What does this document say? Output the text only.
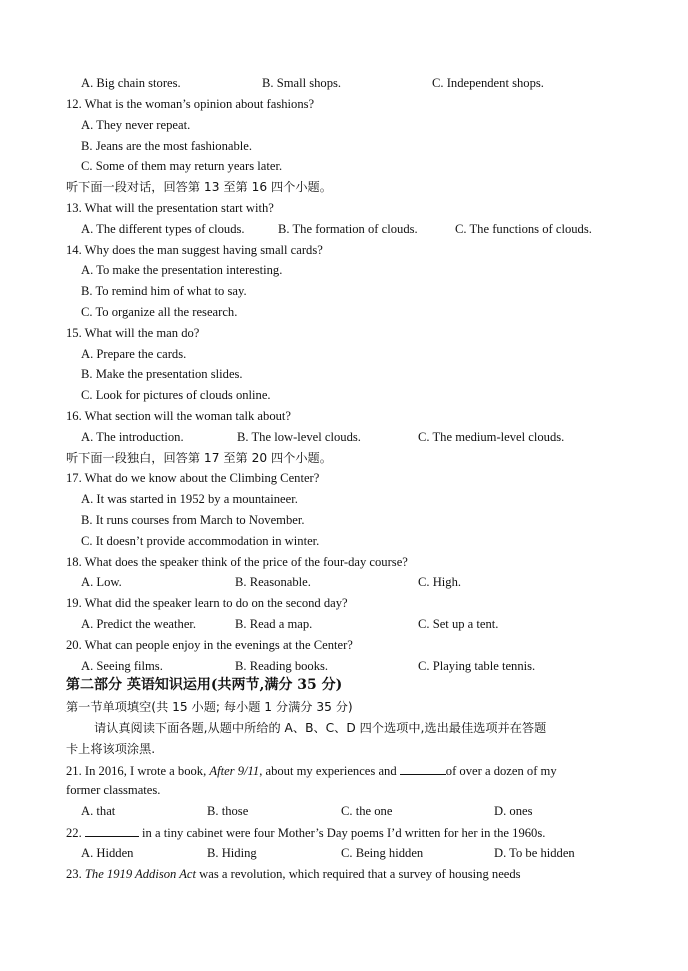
A. Big chain stores.	B. Small shops.	C. Independent shops.
12. What is the woman’s opinion about fashions?
A. They never repeat.
B. Jeans are the most fashionable.
C. Some of them may return years later.
听下面一段对话，回答第 13 至第 16 四个小题。
13. What will the presentation start with?
A. The different types of clouds.	B. The formation of clouds.	C. The functions of clouds.
14. Why does the man suggest having small cards?
A. To make the presentation interesting.
B. To remind him of what to say.
C. To organize all the research.
15. What will the man do?
A. Prepare the cards.
B. Make the presentation slides.
C. Look for pictures of clouds online.
16. What section will the woman talk about?
A. The introduction.	B. The low-level clouds.	C. The medium-level clouds.
听下面一段独白，回答第 17 至第 20 四个小题。
17. What do we know about the Climbing Center?
A. It was started in 1952 by a mountaineer.
B. It runs courses from March to November.
C. It doesn’t provide accommodation in winter.
18. What does the speaker think of the price of the four-day course?
A. Low.	B. Reasonable.	C. High.
19. What did the speaker learn to do on the second day?
A. Predict the weather.	B. Read a map.	C. Set up a tent.
20. What can people enjoy in the evenings at the Center?
A. Seeing films.	B. Reading books.	C. Playing table tennis.
第二部分 英语知识运用(共两节,满分 35 分)
第一节单项填空(共 15 小题; 每小题 1 分满分 35 分)
请认真阅读下面各题,从题中所给的 A、B、C、D 四个选项中,选出最佳选项并在答题
卡上将该项涂黑.
21. In 2016, I wrote a book, After 9/11, about my experiences and	of over a dozen of my
former classmates.
A. that	B. those	C. the one	D. ones
22.	in a tiny cabinet were four Mother’s Day poems I’d written for her in the 1960s.
A. Hidden	B. Hiding	C. Being hidden	D. To be hidden
23. The 1919 Addison Act was a revolution, which required that a survey of housing needs
